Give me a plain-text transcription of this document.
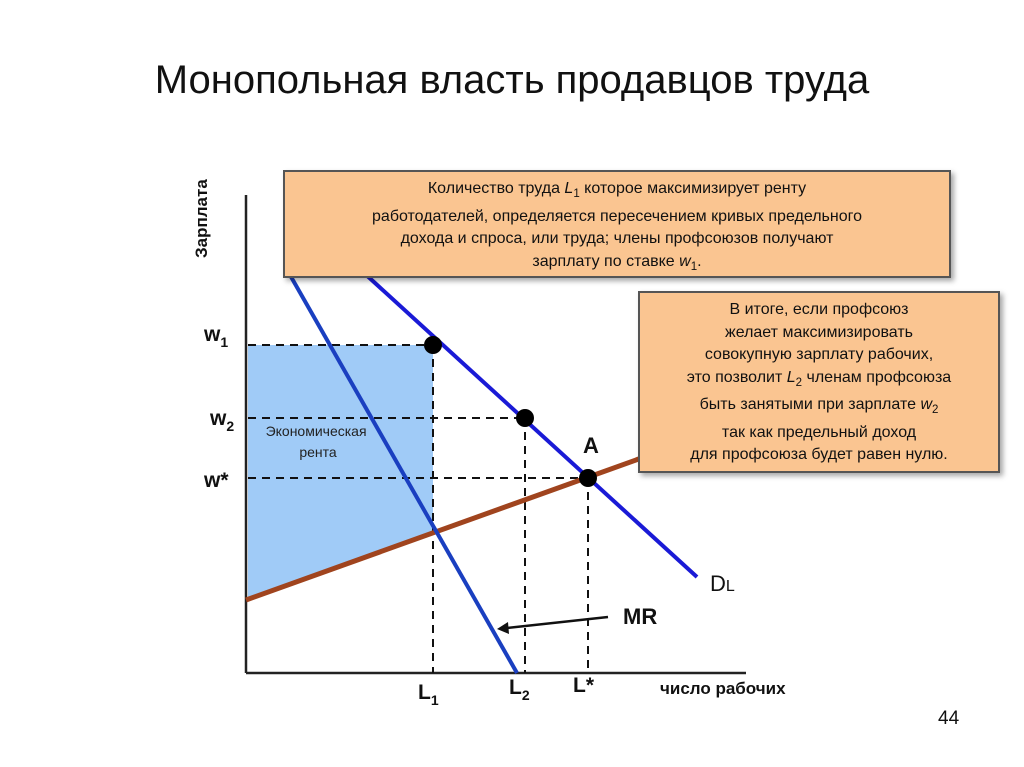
Монопольная власть продавцов труда
Зарплата
число рабочих
$w_1$
$w_2$
w*
$L_1$
$L_2$ L*
DL
MR
A
Экономическая рента

Количество труда $L_1$ которое максимизирует ренту

работодателей, определяется пересечением кривых предельного

дохода и спроса, или труда; члены профсоюзов получают

зарплату по ставке $w_1$.

В итоге, если профсоюз

желает максимизировать

совокупную зарплату рабочих,

это позволит $L_2$ членам профсоюза

быть занятыми при зарплате $w_2$

так как предельный доход

для профсоюза будет равен нулю.

44
